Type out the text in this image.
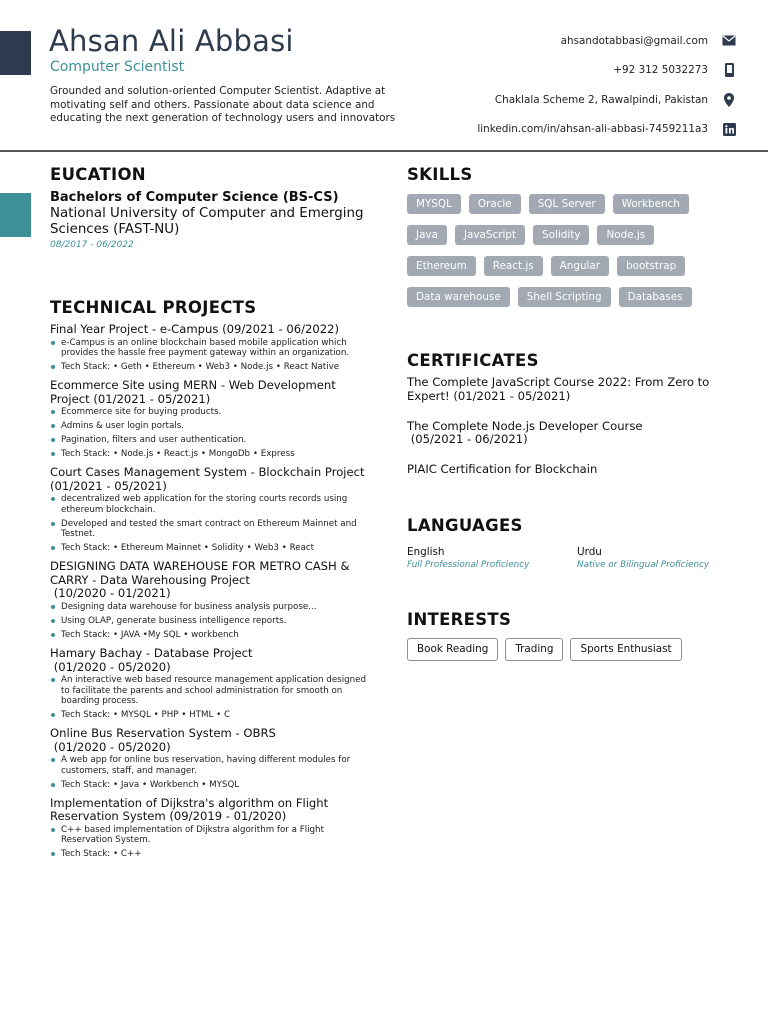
Ahsan Ali Abbasi
Computer Scientist
Grounded and solution-oriented Computer Scientist. Adaptive at motivating self and others. Passionate about data science and educating the next generation of technology users and innovators
ahsandotabbasi@gmail.com
+92 312 5032273
Chaklala Scheme 2, Rawalpindi, Pakistan
linkedin.com/in/ahsan-ali-abbasi-7459211a3
EUCATION
Bachelors of Computer Science (BS-CS)
National University of Computer and Emerging Sciences (FAST-NU)
08/2017 - 06/2022
TECHNICAL PROJECTS
Final Year Project - e-Campus (09/2021 - 06/2022)
e-Campus is an online blockchain based mobile application which provides the hassle free payment gateway within an organization.
Tech Stack: • Geth • Ethereum • Web3 • Node.js • React Native
Ecommerce Site using MERN - Web Development Project (01/2021 - 05/2021)
Ecommerce site for buying products.
Admins & user login portals.
Pagination, filters and user authentication.
Tech Stack: • Node.js • React.js • MongoDb • Express
Court Cases Management System - Blockchain Project (01/2021 - 05/2021)
decentralized web application for the storing courts records using ethereum blockchain.
Developed and tested the smart contract on Ethereum Mainnet and Testnet.
Tech Stack: • Ethereum Mainnet • Solidity • Web3 • React
DESIGNING DATA WAREHOUSE FOR METRO CASH & CARRY - Data Warehousing Project
(10/2020 - 01/2021)
Designing data warehouse for business analysis purpose...
Using OLAP, generate business intelligence reports.
Tech Stack: • JAVA •My SQL • workbench
Hamary Bachay - Database Project
(01/2020 - 05/2020)
An interactive web based resource management application designed to facilitate the parents and school administration for smooth on boarding process.
Tech Stack: • MYSQL • PHP • HTML • C
Online Bus Reservation System - OBRS
(01/2020 - 05/2020)
A web app for online bus reservation, having different modules for customers, staff, and manager.
Tech Stack: • Java • Workbench • MYSQL
Implementation of Dijkstra's algorithm on Flight Reservation System (09/2019 - 01/2020)
C++ based implementation of Dijkstra algorithm for a Flight Reservation System.
Tech Stack: • C++
SKILLS
MYSQL	Oracle	SQL Server	Workbench
Java	JavaScript	Solidity	Node.js
Ethereum	React.js	Angular	bootstrap
Data warehouse	Shell Scripting	Databases
CERTIFICATES
The Complete JavaScript Course 2022: From Zero to Expert! (01/2021 - 05/2021)
The Complete Node.js Developer Course
(05/2021 - 06/2021)
PIAIC Certification for Blockchain
LANGUAGES
English
Full Professional Proficiency
Urdu
Native or Bilingual Proficiency
INTERESTS
Book Reading	Trading	Sports Enthusiast
